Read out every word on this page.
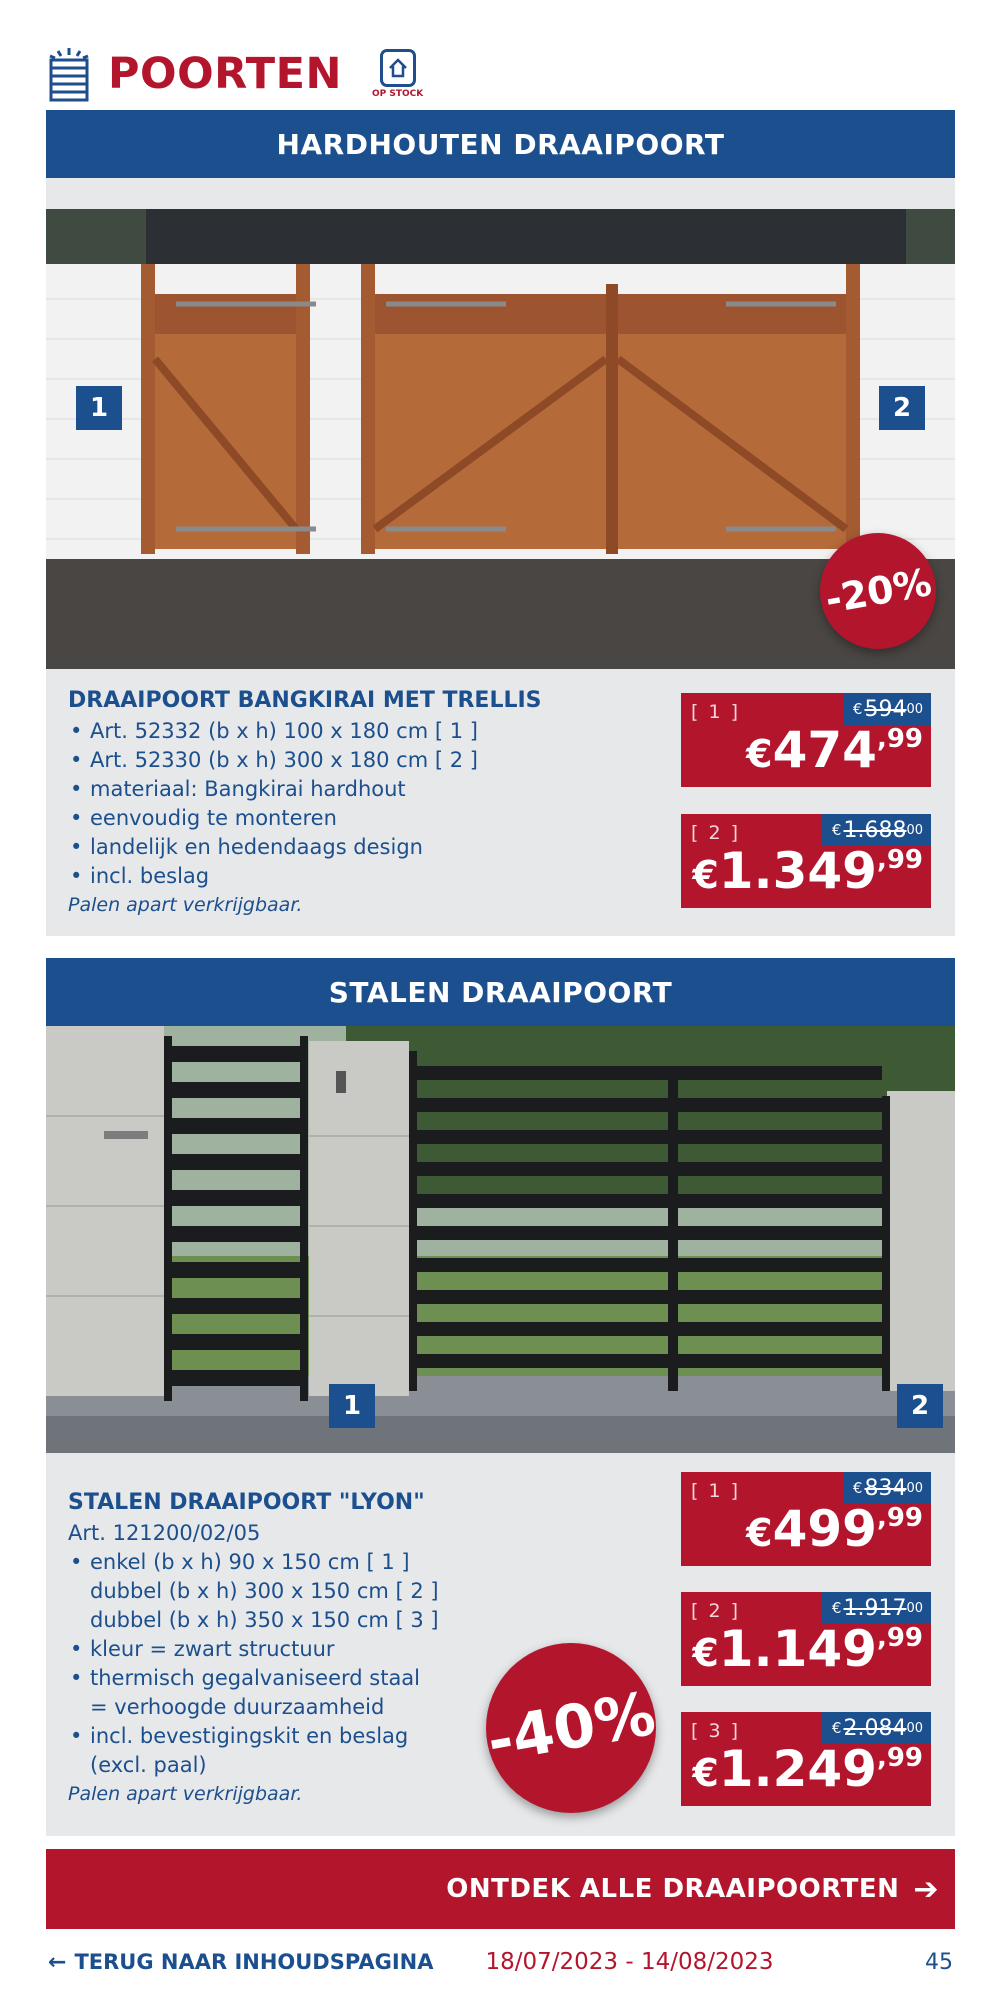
POORTEN	OP STOCK
HARDHOUTEN DRAAIPOORT
1	2
-20%
DRAAIPOORT BANGKIRAI MET TRELLIS
• Art. 52332 (b x h) 100 x 180 cm [ 1 ]
• Art. 52330 (b x h) 300 x 180 cm [ 2 ]
• materiaal: Bangkirai hardhout
• eenvoudig te monteren
• landelijk en hedendaags design
• incl. beslag
Palen apart verkrijgbaar.
[ 1 ]	€ 594 00
$€474^{,99}$
[ 2 ]	€ 1.688 00
$€1.349^{,99}$
STALEN DRAAIPOORT
1	2
STALEN DRAAIPOORT "LYON"
Art. 121200/02/05
• enkel (b x h) 90 x 150 cm [ 1 ]
dubbel (b x h) 300 x 150 cm [ 2 ]
dubbel (b x h) 350 x 150 cm [ 3 ]
• kleur = zwart structuur
• thermisch gegalvaniseerd staal
= verhoogde duurzaamheid
• incl. bevestigingskit en beslag
(excl. paal)
Palen apart verkrijgbaar.
-40%
[ 1 ]	€ 834 00
$€499^{,99}$
[ 2 ]	€ 1.917 00
$€1.149^{,99}$
[ 3 ]	€ 2.084 00
$€1.249^{,99}$
ONTDEK ALLE DRAAIPOORTEN ➔
← TERUG NAAR INHOUDSPAGINA 18/07/2023 - 14/08/2023	45
